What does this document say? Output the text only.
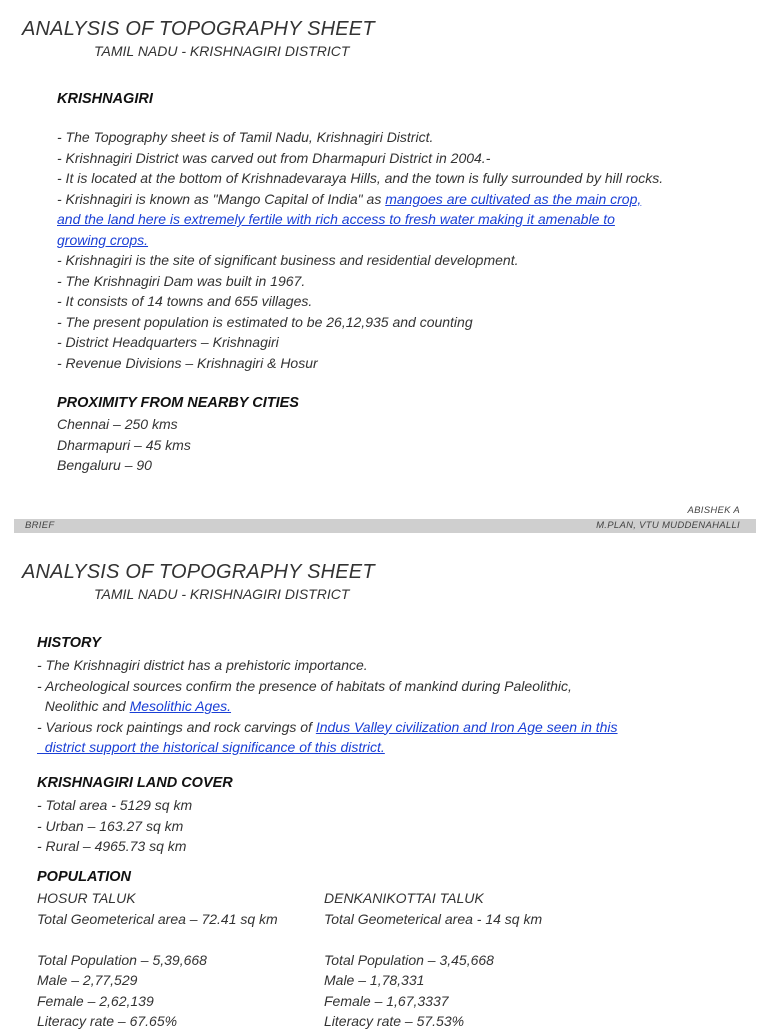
ANALYSIS OF TOPOGRAPHY SHEET
TAMIL NADU - KRISHNAGIRI DISTRICT
KRISHNAGIRI
- The Topography sheet is of Tamil Nadu, Krishnagiri District.
- Krishnagiri District was carved out from Dharmapuri District in 2004.-
- It is located at the bottom of Krishnadevaraya Hills, and the town is fully surrounded by hill rocks.
- Krishnagiri is known as "Mango Capital of India" as mangoes are cultivated as the main crop,
and the land here is extremely fertile with rich access to fresh water making it amenable to
growing crops.
- Krishnagiri is the site of significant business and residential development.
- The Krishnagiri Dam was built in 1967.
- It consists of 14 towns and 655 villages.
- The present population is estimated to be 26,12,935 and counting
- District Headquarters – Krishnagiri
- Revenue Divisions – Krishnagiri & Hosur
PROXIMITY FROM NEARBY CITIES
Chennai – 250 kms
Dharmapuri – 45 kms
Bengaluru – 90
ABISHEK A
BRIEF	M.PLAN, VTU MUDDENAHALLI
ANALYSIS OF TOPOGRAPHY SHEET
TAMIL NADU - KRISHNAGIRI DISTRICT
HISTORY
- The Krishnagiri district has a prehistoric importance.
- Archeological sources confirm the presence of habitats of mankind during Paleolithic,
Neolithic and Mesolithic Ages.
- Various rock paintings and rock carvings of Indus Valley civilization and Iron Age seen in this
district support the historical significance of this district.
KRISHNAGIRI LAND COVER
- Total area - 5129 sq km
- Urban – 163.27 sq km
- Rural – 4965.73 sq km
POPULATION
HOSUR TALUK
Total Geometerical area – 72.41 sq km
Total Population – 5,39,668
Male – 2,77,529
Female – 2,62,139
Literacy rate – 67.65%
DENKANIKOTTAI TALUK
Total Geometerical area - 14 sq km
Total Population – 3,45,668
Male – 1,78,331
Female – 1,67,3337
Literacy rate – 57.53%
